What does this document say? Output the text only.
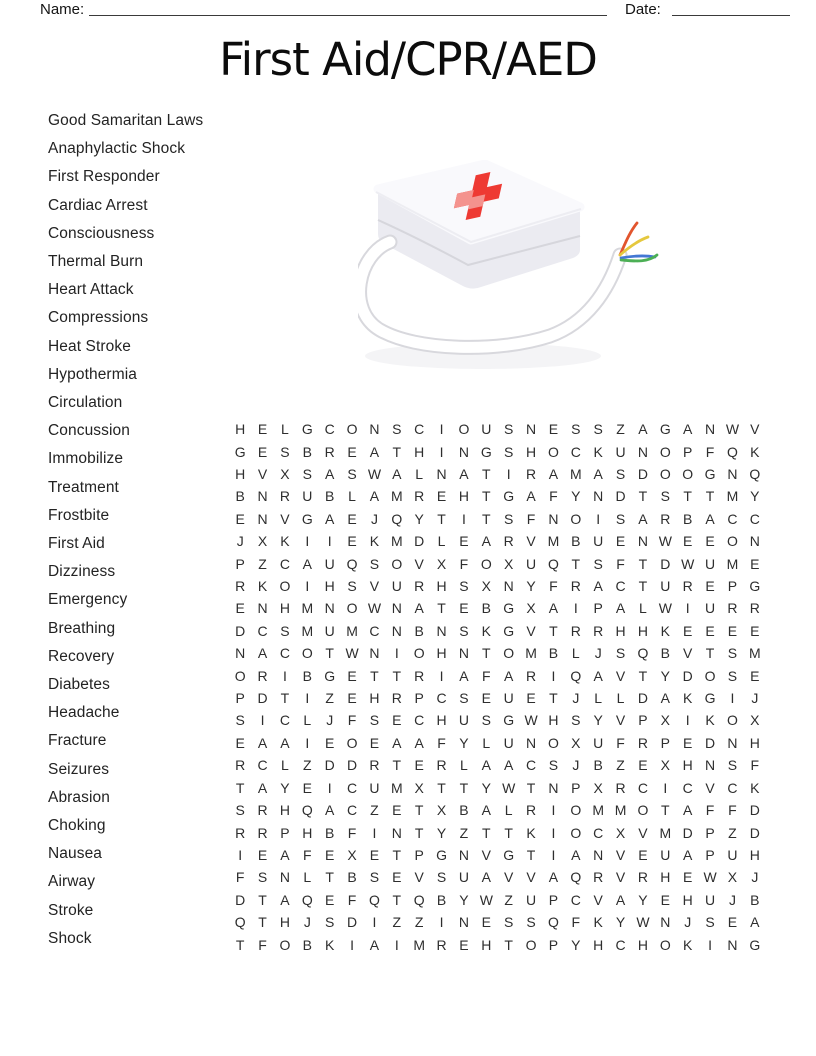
Name:	Date:
First Aid/CPR/AED
Good Samaritan Laws
Anaphylactic Shock
First Responder
Cardiac Arrest
Consciousness
Thermal Burn
Heart Attack
Compressions
Heat Stroke
Hypothermia
Circulation
Concussion
Immobilize
Treatment
Frostbite
First Aid
Dizziness
Emergency
Breathing
Recovery
Diabetes
Headache
Fracture
Seizures
Abrasion
Choking
Nausea
Airway
Stroke
Shock
H E L G C O N S C	I	O U S N E S S Z A G A N W V
G E S B R E A T H	I	N G S H O C K U N O P F Q K
H V X S A S W A L N A T	I	R A M A S D O O G N Q
B N R U B L A M R E H T G A F Y N D T S T T M Y
E N V G A E	J Q Y T	I	T S F N O	I	S A R B A C C
J	X K	I	I	E K M D L E A R V M B U E N W E E O N
P Z C A U Q S O V X F O X U Q T S F T D W U M E
R K O	I	H S V U R H S X N Y F R A C T U R E P G
E N H M N O W N A T E B G X A	I	P A L W I	U R R
D C S M U M C N B N S K G V T R R H H K E E E E
N A C O T W N	I	O H N T O M B L	J	S Q B V T S M
O R	I	B G E T T R	I	A F A R	I	Q A V T Y D O S E
P D T	I	Z E H R P C S E U E T	J	L	L D A K G	I	J
S	I	C L	J	F S E C H U S G W H S Y V P X	I	K O X
E A A	I	E O E A A F Y L U N O X U F R P E D N H
R C L	Z D D R T E R L A A C S	J	B Z E X H N S F
T A Y E	I	C U M X T T Y W T N P X R C	I	C V C K
S R H Q A C Z E T X B A L R	I	O M M O T A F F D
R R P H B F	I	N T Y Z T T K	I	O C X V M D P Z D
I	E A F E X E T P G N V G T	I	A N V E U A P U H
F S N L	T B S E V S U A V V A Q R V R H E W X	J
D T A Q E F Q T Q B Y W Z U P C V A Y E H U J	B
Q T H J	S D	I	Z Z	I	N E S S Q F K Y W N J	S E A
T F O B K	I	A	I	M R E H T O P Y H C H O K	I	N G
